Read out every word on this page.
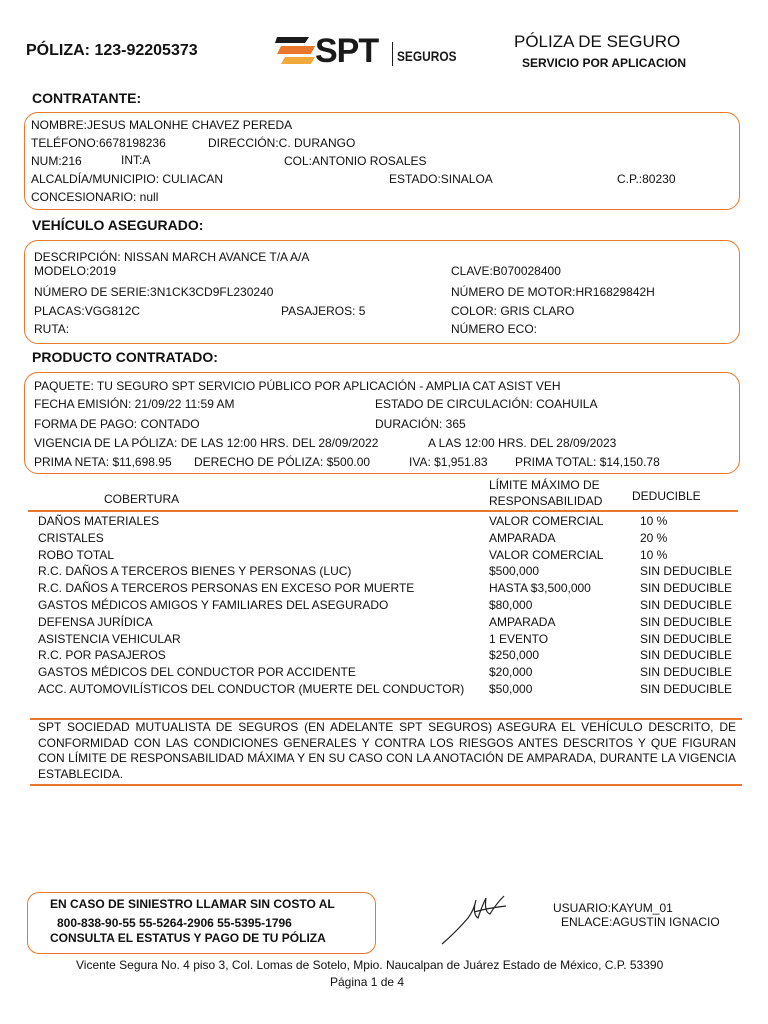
PÓLIZA: 123-92205373	SPT SEGUROS
PÓLIZA DE SEGURO
SERVICIO POR APLICACION
CONTRATANTE:
NOMBRE:JESUS MALONHE CHAVEZ PEREDA
TELÉFONO:6678198236	DIRECCIÓN:C. DURANGO
NUM:216	INT:A	COL:ANTONIO ROSALES
ALCALDÍA/MUNICIPIO: CULIACAN	ESTADO:SINALOA	C.P.:80230
CONCESIONARIO: null
VEHÍCULO ASEGURADO:
DESCRIPCIÓN: NISSAN MARCH AVANCE T/A A/A
MODELO:2019	CLAVE:B070028400
NÚMERO DE SERIE:3N1CK3CD9FL230240	NÚMERO DE MOTOR:HR16829842H
PLACAS:VGG812C	PASAJEROS: 5	COLOR: GRIS CLARO
RUTA:	NÚMERO ECO:
PRODUCTO CONTRATADO:
PAQUETE: TU SEGURO SPT SERVICIO PÚBLICO POR APLICACIÓN - AMPLIA CAT ASIST VEH
FECHA EMISIÓN: 21/09/22 11:59 AM	ESTADO DE CIRCULACIÓN: COAHUILA
FORMA DE PAGO: CONTADO	DURACIÓN: 365
VIGENCIA DE LA PÓLIZA: DE LAS 12:00 HRS. DEL 28/09/2022	A LAS 12:00 HRS. DEL 28/09/2023
PRIMA NETA: $11,698.95 DERECHO DE PÓLIZA: $500.00	IVA: $1,951.83 PRIMA TOTAL: $14,150.78
COBERTURA
LÍMITE MÁXIMO DE
RESPONSABILIDAD DEDUCIBLE
DAÑOS MATERIALES	VALOR COMERCIAL	10 %
CRISTALES	AMPARADA	20 %
ROBO TOTAL	VALOR COMERCIAL	10 %
R.C. DAÑOS A TERCEROS BIENES Y PERSONAS (LUC)	$500,000	SIN DEDUCIBLE
R.C. DAÑOS A TERCEROS PERSONAS EN EXCESO POR MUERTE	HASTA $3,500,000	SIN DEDUCIBLE
GASTOS MÉDICOS AMIGOS Y FAMILIARES DEL ASEGURADO	$80,000	SIN DEDUCIBLE
DEFENSA JURÍDICA	AMPARADA	SIN DEDUCIBLE
ASISTENCIA VEHICULAR	1 EVENTO	SIN DEDUCIBLE
R.C. POR PASAJEROS	$250,000	SIN DEDUCIBLE
GASTOS MÉDICOS DEL CONDUCTOR POR ACCIDENTE	$20,000	SIN DEDUCIBLE
ACC. AUTOMOVILÍSTICOS DEL CONDUCTOR (MUERTE DEL CONDUCTOR) $50,000	SIN DEDUCIBLE
SPT SOCIEDAD MUTUALISTA DE SEGUROS (EN ADELANTE SPT SEGUROS) ASEGURA EL VEHÍCULO DESCRITO, DE CONFORMIDAD CON LAS CONDICIONES GENERALES Y CONTRA LOS RIESGOS ANTES DESCRITOS Y QUE FIGURAN CON LÍMITE DE RESPONSABILIDAD MÁXIMA Y EN SU CASO CON LA ANOTACIÓN DE AMPARADA, DURANTE LA VIGENCIA ESTABLECIDA.
EN CASO DE SINIESTRO LLAMAR SIN COSTO AL
800-838-90-55 55-5264-2906 55-5395-1796
CONSULTA EL ESTATUS Y PAGO DE TU PÓLIZA
USUARIO:KAYUM_01
ENLACE:AGUSTIN IGNACIO
Vicente Segura No. 4 piso 3, Col. Lomas de Sotelo, Mpio. Naucalpan de Juárez Estado de México, C.P. 53390
Página 1 de 4
